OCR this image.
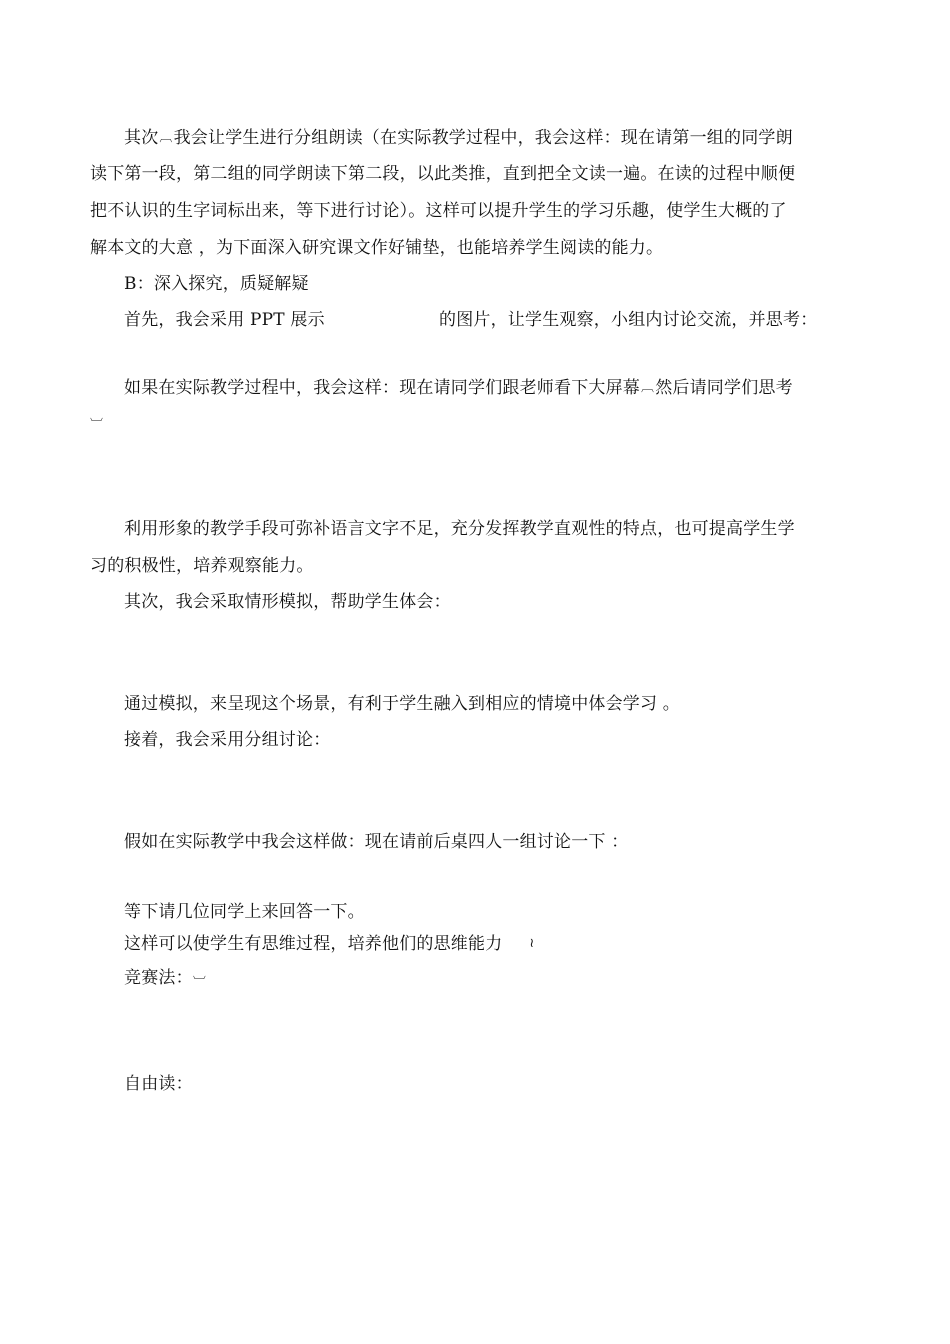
其次︹我会让学生进行分组朗读（在实际教学过程中，我会这样：现在请第一组的同学朗
读下第一段，第二组的同学朗读下第二段，以此类推，直到把全文读一遍。在读的过程中顺便
把不认识的生字词标出来，等下进行讨论）。这样可以提升学生的学习乐趣，使学生大概的了
解本文的大意 ，为下面深入研究课文作好铺垫，也能培养学生阅读的能力。
B：深入探究，质疑解疑
首先，我会采用 PPT 展示	的图片，让学生观察，小组内讨论交流，并思考：
如果在实际教学过程中，我会这样：现在请同学们跟老师看下大屏幕︹然后请同学们思考
︺
利用形象的教学手段可弥补语言文字不足，充分发挥教学直观性的特点，也可提高学生学
习的积极性，培养观察能力。
其次，我会采取情形模拟，帮助学生体会：
通过模拟，来呈现这个场景，有利于学生融入到相应的情境中体会学习 。
接着，我会采用分组讨论：
假如在实际教学中我会这样做：现在请前后桌四人一组讨论一下 ：
等下请几位同学上来回答一下。
这样可以使学生有思维过程，培养他们的思维能力 ≀
竞赛法：︺
自由读：
